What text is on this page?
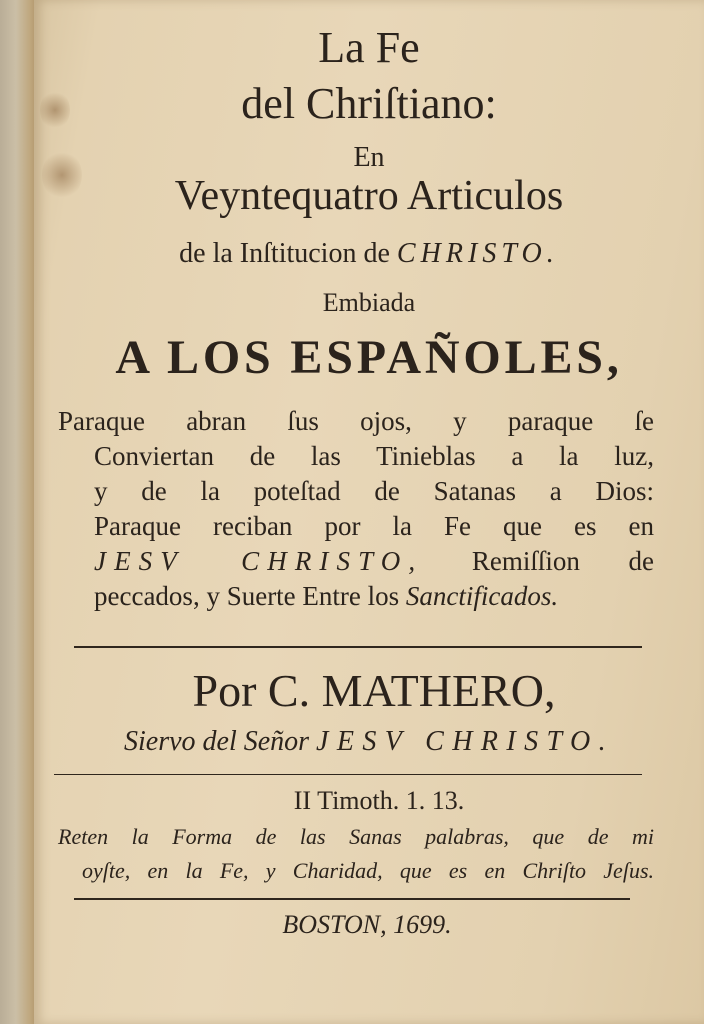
La Fe
del Chriſtiano:
En
Veyntequatro Articulos
de la Inſtitucion de CHRISTO.
Embiada
A LOS ESPAÑOLES,
Paraque abran ſus ojos, y paraque ſe
Conviertan de las Tinieblas a la luz,
y de la poteſtad de Satanas a Dios:
Paraque reciban por la Fe que es en
JESV CHRISTO, Remiſſion de
peccados, y Suerte Entre los Sanctificados.
Por C. MATHERO,
Siervo del Señor JESV CHRISTO.
II Timoth. 1. 13.
Reten la Forma de las Sanas palabras, que de mi
oyſte, en la Fe, y Charidad, que es en Chriſto Jeſus.
BOSTON, 1699.
